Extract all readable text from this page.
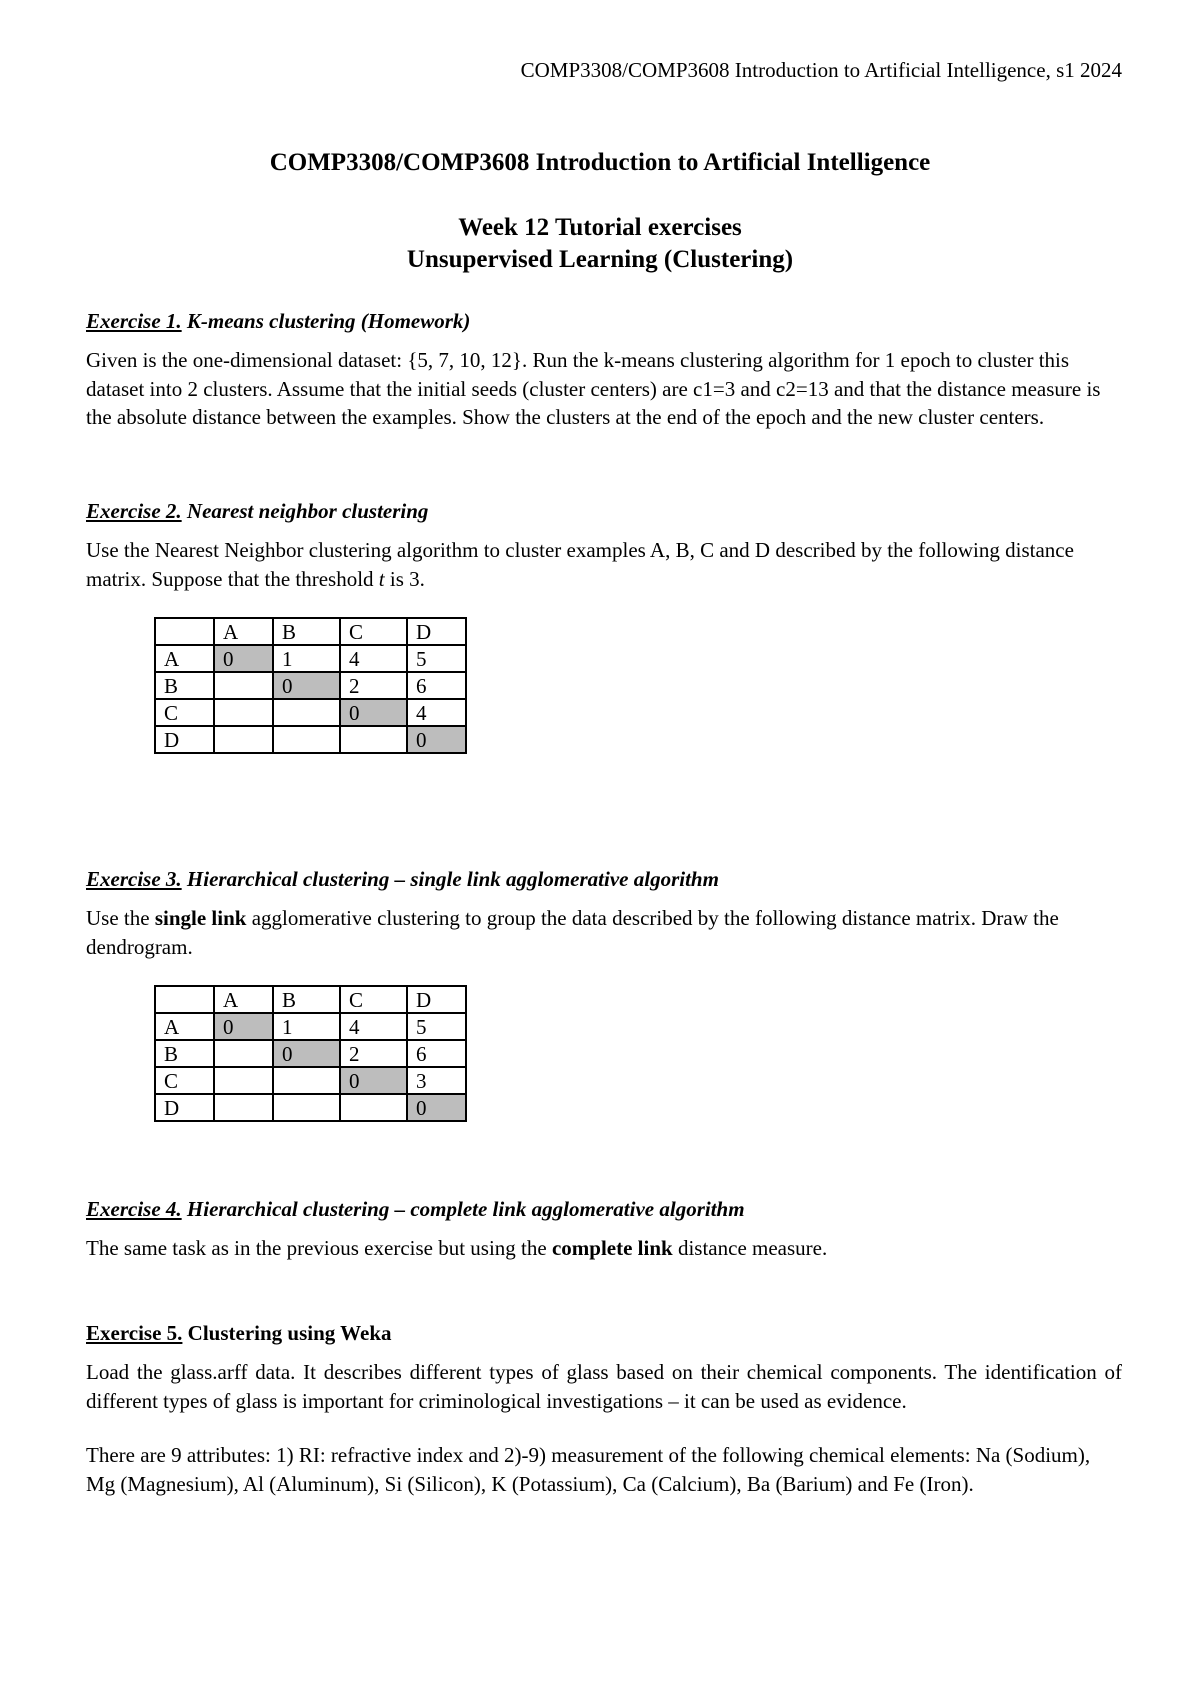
COMP3308/COMP3608 Introduction to Artificial Intelligence, s1 2024

COMP3308/COMP3608 Introduction to Artificial Intelligence

Week 12 Tutorial exercises

Unsupervised Learning (Clustering)

Exercise 1. K-means clustering (Homework)

Given is the one-dimensional dataset: {5, 7, 10, 12}. Run the k-means clustering algorithm for 1 epoch to cluster this dataset into 2 clusters. Assume that the initial seeds (cluster centers) are c1=3 and c2=13 and that the distance measure is the absolute distance between the examples. Show the clusters at the end of the epoch and the new cluster centers.

Exercise 2. Nearest neighbor clustering

Use the Nearest Neighbor clustering algorithm to cluster examples A, B, C and D described by the following distance matrix. Suppose that the threshold t is 3.

	A	B	C	D
A	0	1	4	5
B		0	2	6
C			0	4
D				0

Exercise 3. Hierarchical clustering – single link agglomerative algorithm

Use the single link agglomerative clustering to group the data described by the following distance matrix. Draw the dendrogram.

	A	B	C	D
A	0	1	4	5
B		0	2	6
C			0	3
D				0

Exercise 4. Hierarchical clustering – complete link agglomerative algorithm

The same task as in the previous exercise but using the complete link distance measure.

Exercise 5. Clustering using Weka

Load the glass.arff data. It describes different types of glass based on their chemical components. The identification of different types of glass is important for criminological investigations – it can be used as evidence.

There are 9 attributes: 1) RI: refractive index and 2)-9) measurement of the following chemical elements: Na (Sodium), Mg (Magnesium), Al (Aluminum), Si (Silicon), K (Potassium), Ca (Calcium), Ba (Barium) and Fe (Iron).
